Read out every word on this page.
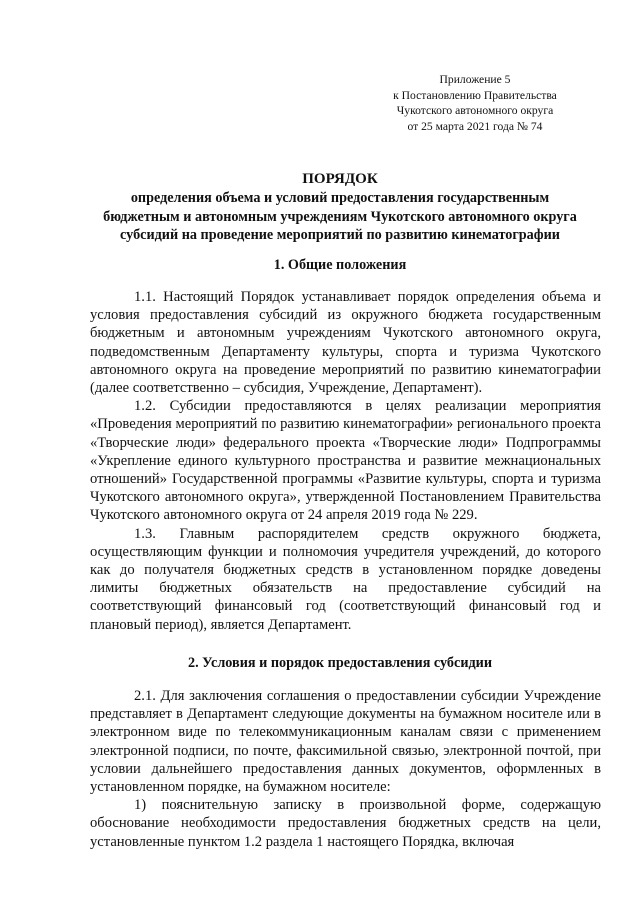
Приложение 5
к Постановлению Правительства
Чукотского автономного округа
от 25 марта 2021 года № 74
ПОРЯДОК
определения объема и условий предоставления государственным
бюджетным и автономным учреждениям Чукотского автономного округа
субсидий на проведение мероприятий по развитию кинематографии
1. Общие положения

1.1. Настоящий Порядок устанавливает порядок определения объема и условия предоставления субсидий из окружного бюджета государственным бюджетным и автономным учреждениям Чукотского автономного округа, подведомственным Департаменту культуры, спорта и туризма Чукотского автономного округа на проведение мероприятий по развитию кинематографии (далее соответственно – субсидия, Учреждение, Департамент).

1.2. Субсидии предоставляются в целях реализации мероприятия «Проведения мероприятий по развитию кинематографии» регионального проекта «Творческие люди» федерального проекта «Творческие люди» Подпрограммы «Укрепление единого культурного пространства и развитие межнациональных отношений» Государственной программы «Развитие культуры, спорта и туризма Чукотского автономного округа», утвержденной Постановлением Правительства Чукотского автономного округа от 24 апреля 2019 года № 229.

1.3. Главным распорядителем средств окружного бюджета, осуществляющим функции и полномочия учредителя учреждений, до которого как до получателя бюджетных средств в установленном порядке доведены лимиты бюджетных обязательств на предоставление субсидий на соответствующий финансовый год (соответствующий финансовый год и плановый период), является Департамент.

2. Условия и порядок предоставления субсидии

2.1. Для заключения соглашения о предоставлении субсидии Учреждение представляет в Департамент следующие документы на бумажном носителе или в электронном виде по телекоммуникационным каналам связи с применением электронной подписи, по почте, факсимильной связью, электронной почтой, при условии дальнейшего предоставления данных документов, оформленных в установленном порядке, на бумажном носителе:

1) пояснительную записку в произвольной форме, содержащую обоснование необходимости предоставления бюджетных средств на цели, установленные пунктом 1.2 раздела 1 настоящего Порядка, включая
